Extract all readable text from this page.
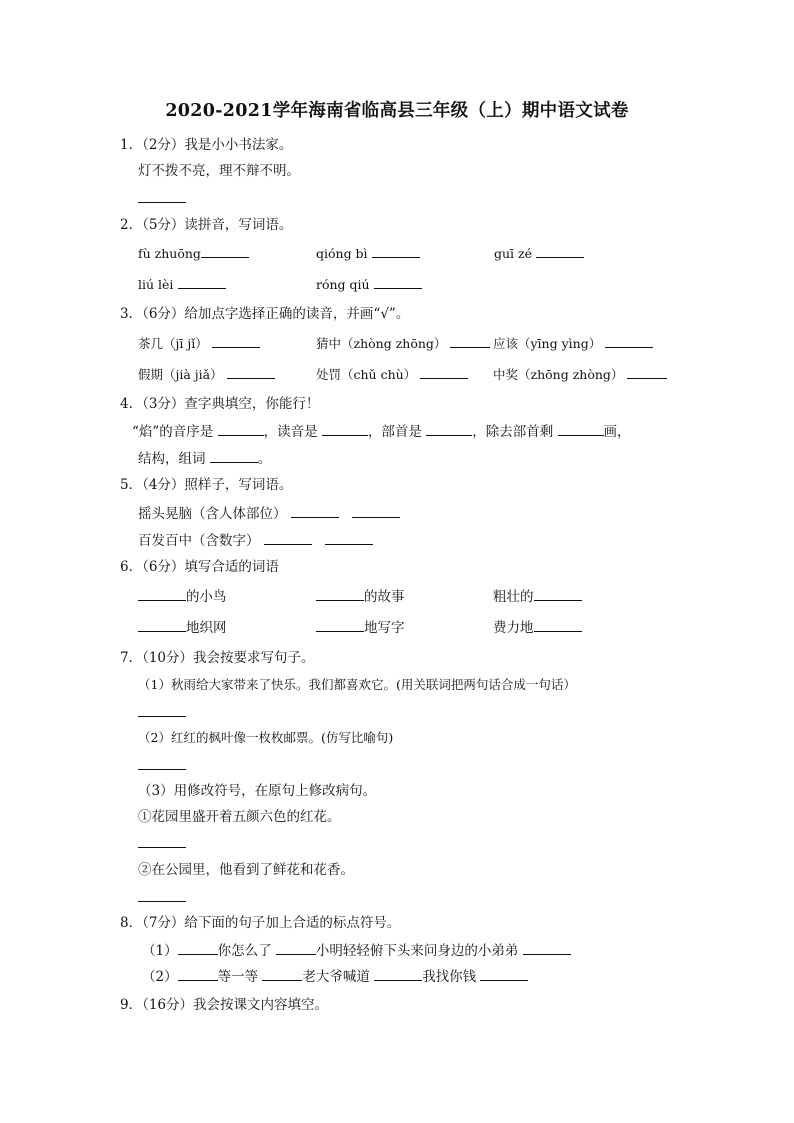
2020-2021学年海南省临高县三年级（上）期中语文试卷
1．（2分）我是小小书法家。
灯不拨不亮，理不辩不明。
2．（5分）读拼音，写词语。
fù zhuōng	qióng bì	guī zé
liú lèi	róng qiú
3．（6分）给加点字选择正确的读音，并画“√”。
茶几（jī jǐ）	猜中（zhòng zhōng）	应该（yīng yìng）
假期（jià jiǎ）	处罚（chǔ chù）	中奖（zhōng zhòng）
4．（3分）查字典填空，你能行！
“焰”的音序是	，读音是	，部首是	，除去部首剩	画，
结构，组词	。
5．（4分）照样子，写词语。
摇头晃脑（含人体部位）
百发百中（含数字）
6．（6分）填写合适的词语
的小鸟	的故事	粗壮的
地织网	地写字	费力地
7．（10分）我会按要求写句子。
（1）秋雨给大家带来了快乐。我们都喜欢它。(用关联词把两句话合成一句话）
（2）红红的枫叶像一枚枚邮票。(仿写比喻句)
（3）用修改符号，在原句上修改病句。
①花园里盛开着五颜六色的红花。
②在公园里，他看到了鲜花和花香。
8．（7分）给下面的句子加上合适的标点符号。
（1）	你怎么了	小明轻轻俯下头来问身边的小弟弟
（2）	等一等	老大爷喊道	我找你钱
9．（16分）我会按课文内容填空。
